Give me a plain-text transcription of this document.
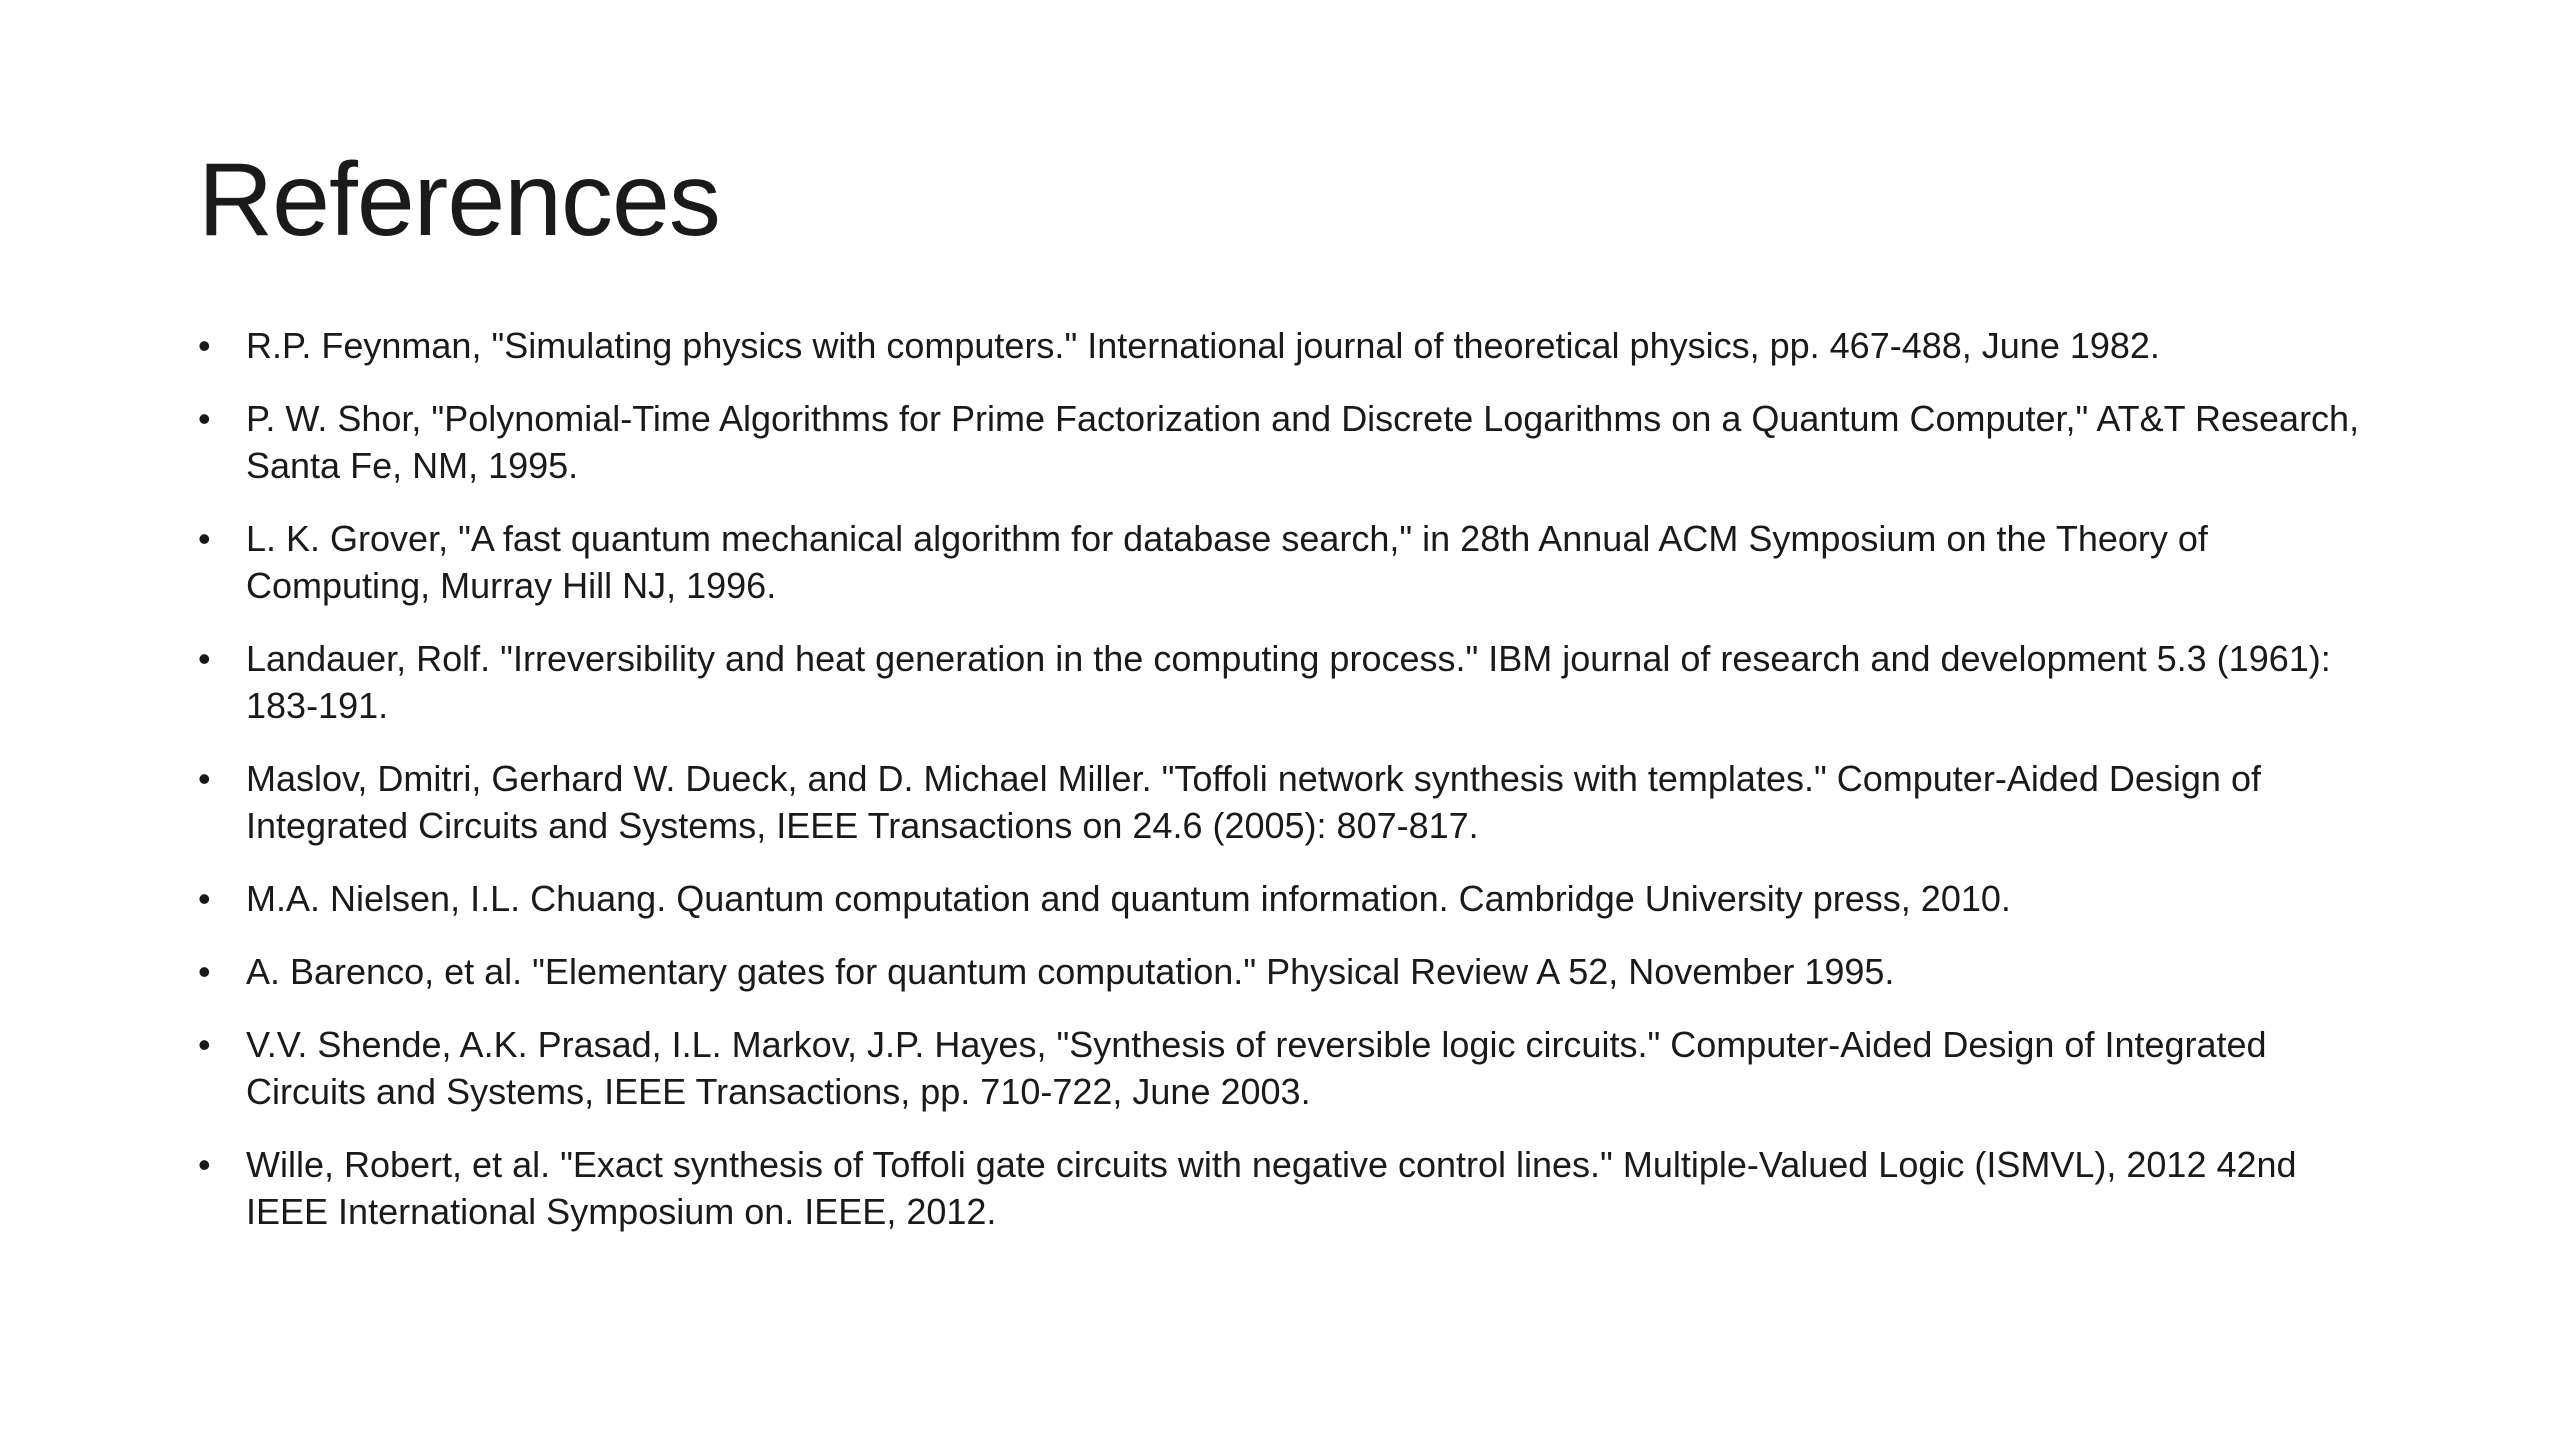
References
• R.P. Feynman, "Simulating physics with computers." International journal of theoretical physics, pp. 467-488, June 1982.
• P. W. Shor, "Polynomial-Time Algorithms for Prime Factorization and Discrete Logarithms on a Quantum Computer," AT&T Research, Santa Fe, NM, 1995.
• L. K. Grover, "A fast quantum mechanical algorithm for database search," in 28th Annual ACM Symposium on the Theory of Computing, Murray Hill NJ, 1996.
• Landauer, Rolf. "Irreversibility and heat generation in the computing process." IBM journal of research and development 5.3 (1961): 183-191.
• Maslov, Dmitri, Gerhard W. Dueck, and D. Michael Miller. "Toffoli network synthesis with templates." Computer-Aided Design of Integrated Circuits and Systems, IEEE Transactions on 24.6 (2005): 807-817.
• M.A. Nielsen, I.L. Chuang. Quantum computation and quantum information. Cambridge University press, 2010.
• A. Barenco, et al. "Elementary gates for quantum computation." Physical Review A 52, November 1995.
• V.V. Shende, A.K. Prasad, I.L. Markov, J.P. Hayes, "Synthesis of reversible logic circuits." Computer-Aided Design of Integrated Circuits and Systems, IEEE Transactions, pp. 710-722, June 2003.
• Wille, Robert, et al. "Exact synthesis of Toffoli gate circuits with negative control lines." Multiple-Valued Logic (ISMVL), 2012 42nd IEEE International Symposium on. IEEE, 2012.
